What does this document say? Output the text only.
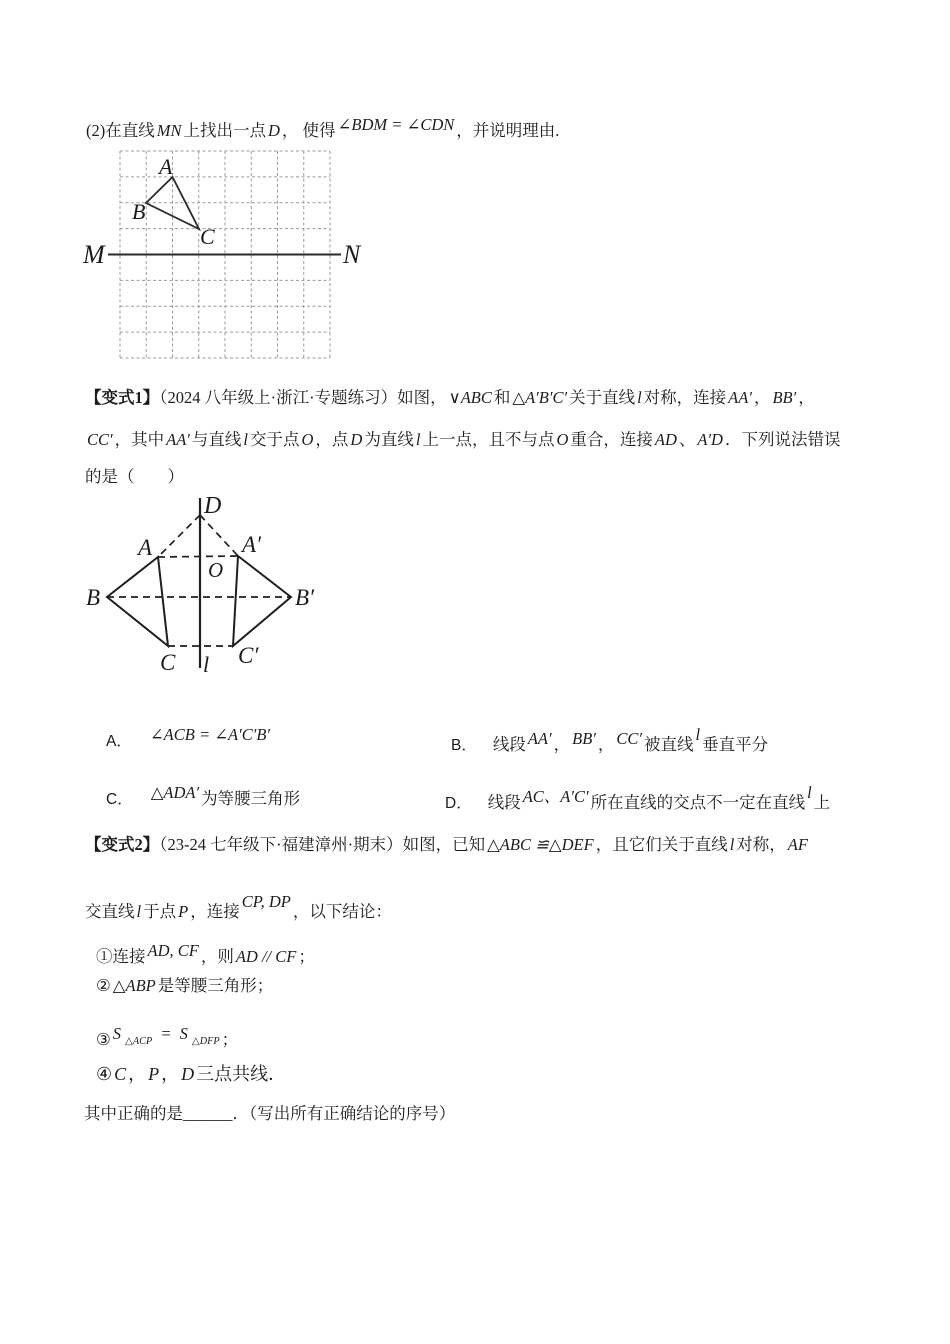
(2)在直线 MN 上找出一点 D ， 使得 ∠BDM = ∠CDN ，并说明理由.
A
B
C
M	N
【变式1】（2024 八年级上·浙江·专题练习）如图， ∨ABC 和 △A′B′C′ 关于直线 l 对称，连接 AA′ ， BB′ ，
CC′ ，其中 AA′ 与直线 l 交于点 O ，点 D 为直线 l 上一点，且不与点 O 重合，连接 AD 、 A′D ．下列说法错误
的是（　　）
D
A	A′
O
B	B′
C	C′
l
A． ∠ACB = ∠A′C′B′
B． 线段 AA′ ， BB′ ， CC′ 被直线l垂直平分
C． △ADA′ 为等腰三角形	D． 线段 AC、A′C′ 所在直线的交点不一定在直线l上
【变式2】（23-24 七年级下·福建漳州·期末）如图，已知 △ABC ≌△DEF ，且它们关于直线 l 对称， AF
交直线 l 于点 P ，连接CP, DP，以下结论：
①连接 AD, CF ，则 AD // CF ；
② △ABP 是等腰三角形；
③ S △ACP = S △DFP ；
④ C ， P ， D 三点共线．
其中正确的是______．（写出所有正确结论的序号）
